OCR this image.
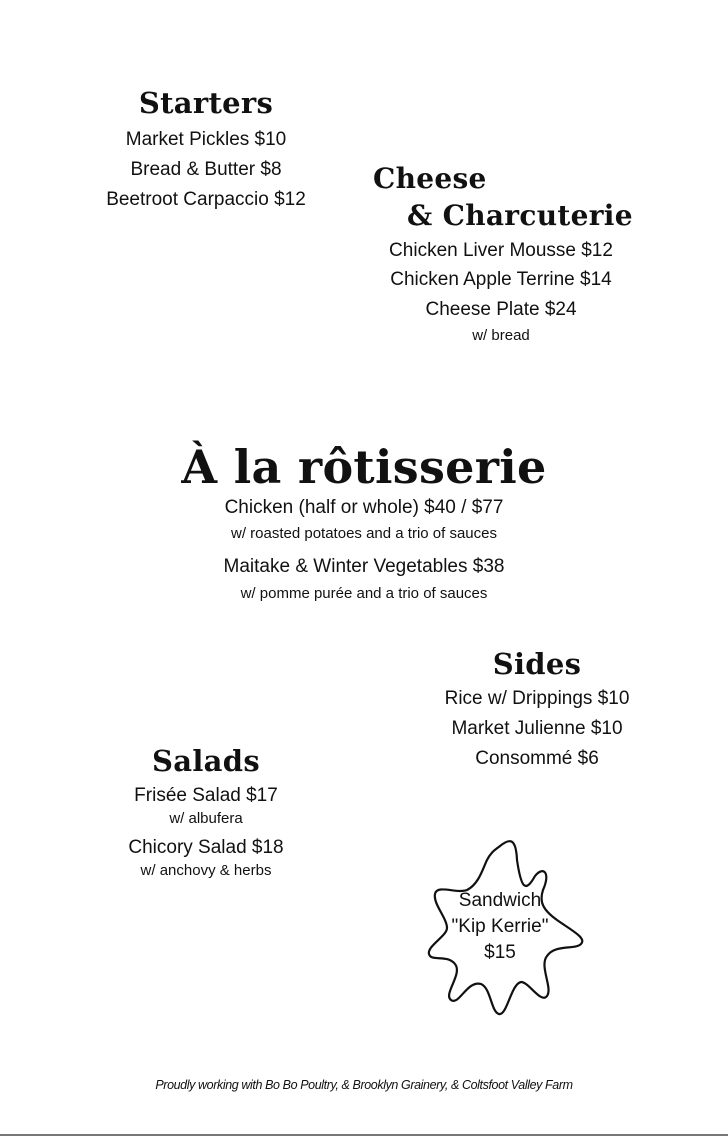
Starters

Market Pickles $10

Bread & Butter $8

Beetroot Carpaccio $12

Cheese
& Charcuterie

Chicken Liver Mousse $12

Chicken Apple Terrine $14

Cheese Plate $24

w/ bread

À la rôtisserie

Chicken (half or whole) $40 / $77

w/ roasted potatoes and a trio of sauces

Maitake & Winter Vegetables $38

w/ pomme purée and a trio of sauces

Sides

Rice w/ Drippings $10

Market Julienne $10

Consommé $6

Salads

Frisée Salad $17

w/ albufera

Chicory Salad $18

w/ anchovy & herbs

Sandwich
"Kip Kerrie"
$15
Proudly working with Bo Bo Poultry, & Brooklyn Grainery, & Coltsfoot Valley Farm
